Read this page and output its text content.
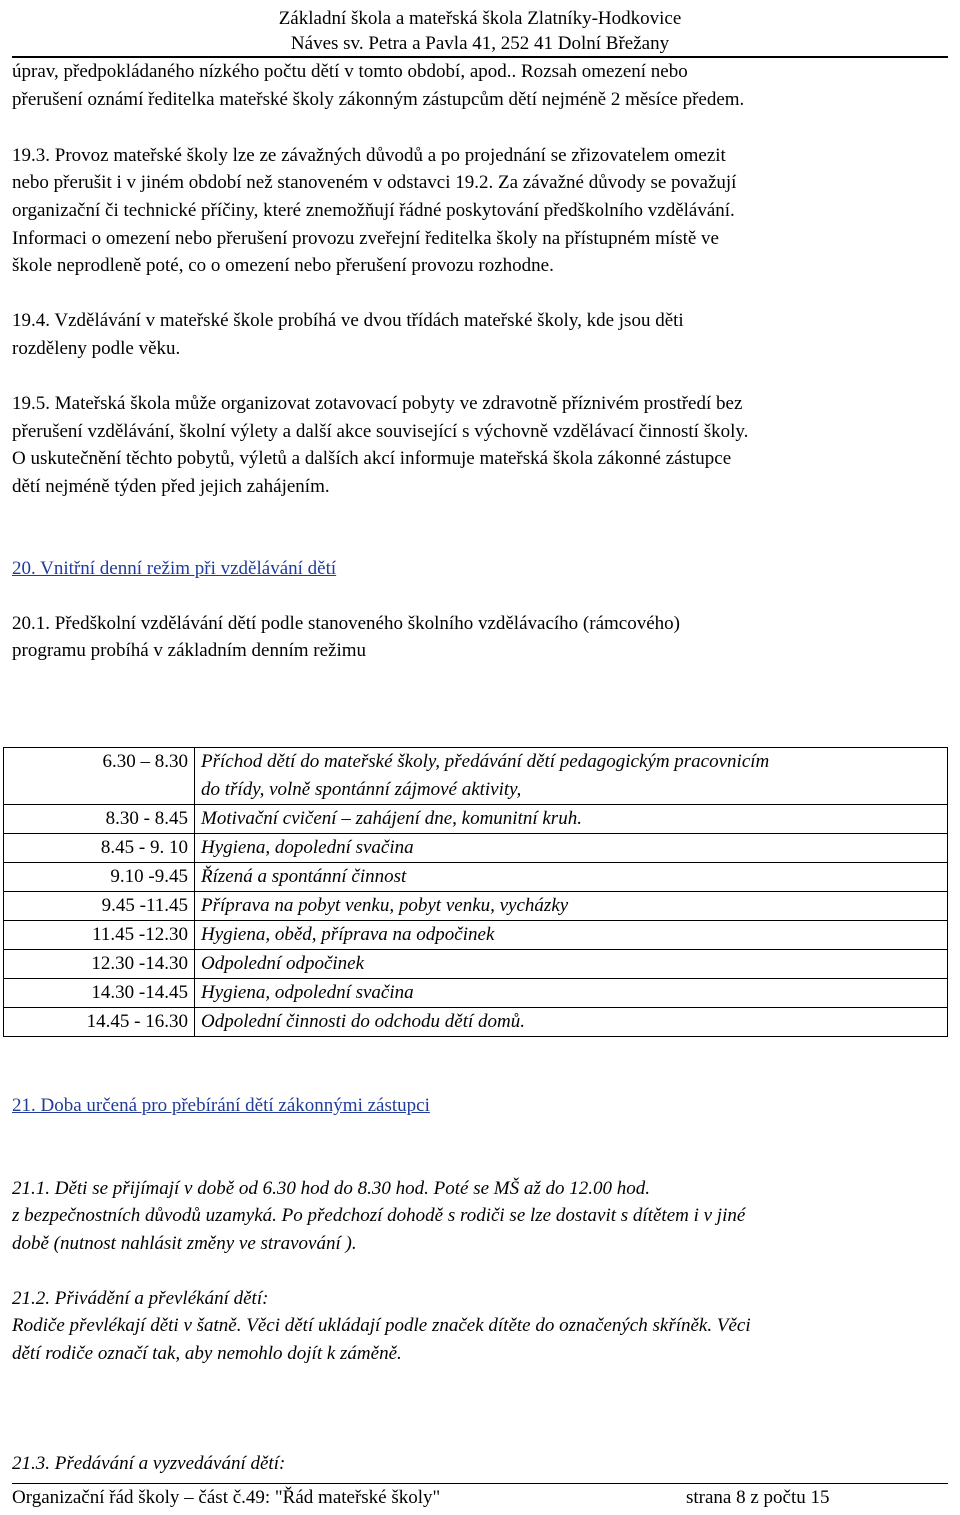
Základní škola a mateřská škola Zlatníky-Hodkovice
Náves sv. Petra a Pavla 41, 252 41 Dolní Břežany
úprav, předpokládaného nízkého počtu dětí v tomto období, apod.. Rozsah omezení nebo
přerušení oznámí ředitelka mateřské školy zákonným zástupcům dětí nejméně 2 měsíce předem.
19.3. Provoz mateřské školy lze ze závažných důvodů a po projednání se zřizovatelem omezit
nebo přerušit i v jiném období než stanoveném v odstavci 19.2. Za závažné důvody se považují
organizační či technické příčiny, které znemožňují řádné poskytování předškolního vzdělávání.
Informaci o omezení nebo přerušení provozu zveřejní ředitelka školy na přístupném místě ve
škole neprodleně poté, co o omezení nebo přerušení provozu rozhodne.
19.4. Vzdělávání v mateřské škole probíhá ve dvou třídách mateřské školy, kde jsou děti
rozděleny podle věku.
19.5. Mateřská škola může organizovat zotavovací pobyty ve zdravotně příznivém prostředí bez
přerušení vzdělávání, školní výlety a další akce související s výchovně vzdělávací činností školy.
O uskutečnění těchto pobytů, výletů a dalších akcí informuje mateřská škola zákonné zástupce
dětí nejméně týden před jejich zahájením.
20. Vnitřní denní režim při vzdělávání dětí
20.1. Předškolní vzdělávání dětí podle stanoveného školního vzdělávacího (rámcového)
programu probíhá v základním denním režimu
6.30 – 8.30	Příchod dětí do mateřské školy, předávání dětí pedagogickým pracovnicím
do třídy, volně spontánní zájmové aktivity,

8.30 - 8.45	Motivační cvičení – zahájení dne, komunitní kruh.
8.45 - 9. 10	Hygiena, dopolední svačina
9.10 -9.45	Řízená a spontánní činnost
9.45 -11.45	Příprava na pobyt venku, pobyt venku, vycházky
11.45 -12.30	Hygiena, oběd, příprava na odpočinek
12.30 -14.30	Odpolední odpočinek
14.30 -14.45	Hygiena, odpolední svačina
14.45 - 16.30	Odpolední činnosti do odchodu dětí domů.
21. Doba určená pro přebírání dětí zákonnými zástupci
21.1. Děti se přijímají v době od 6.30 hod do 8.30 hod. Poté se MŠ až do 12.00 hod.
z bezpečnostních důvodů uzamyká. Po předchozí dohodě s rodiči se lze dostavit s dítětem i v jiné
době (nutnost nahlásit změny ve stravování ).
21.2. Přivádění a převlékání dětí:
Rodiče převlékají děti v šatně. Věci dětí ukládají podle značek dítěte do označených skříněk. Věci
dětí rodiče označí tak, aby nemohlo dojít k záměně.
21.3. Předávání a vyzvedávání dětí:
Organizační řád školy – část č.49: "Řád mateřské školy"	strana 8 z počtu 15
